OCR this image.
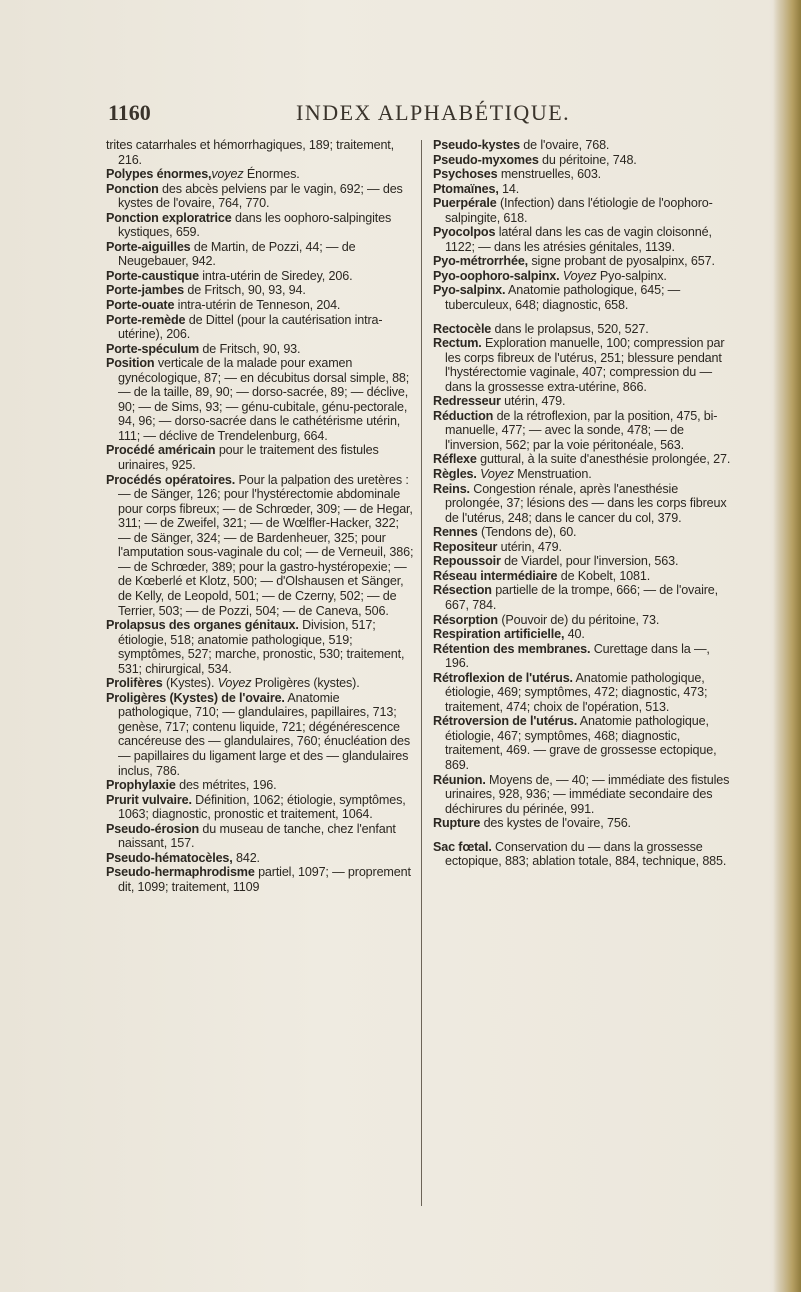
1160	INDEX ALPHABÉTIQUE.

trites catarrhales et hémorrhagiques, 189; traitement, 216.

Polypes énormes,voyez Énormes.

Ponction des abcès pelviens par le vagin, 692; — des kystes de l'ovaire, 764, 770.

Ponction exploratrice dans les oophoro-salpingites kystiques, 659.

Porte-aiguilles de Martin, de Pozzi, 44; — de Neugebauer, 942.

Porte-caustique intra-utérin de Siredey, 206.

Porte-jambes de Fritsch, 90, 93, 94.

Porte-ouate intra-utérin de Tenneson, 204.

Porte-remède de Dittel (pour la cautérisation intra-utérine), 206.

Porte-spéculum de Fritsch, 90, 93.

Position verticale de la malade pour examen gynécologique, 87; — en décubitus dorsal simple, 88; — de la taille, 89, 90; — dorso-sacrée, 89; — déclive, 90; — de Sims, 93; — génu-cubitale, génu-pectorale, 94, 96; — dorso-sacrée dans le cathétérisme utérin, 111; — déclive de Trendelenburg, 664.

Procédé américain pour le traitement des fistules urinaires, 925.

Procédés opératoires. Pour la palpation des uretères : — de Sänger, 126; pour l'hystérectomie abdominale pour corps fibreux; — de Schrœder, 309; — de Hegar, 311; — de Zweifel, 321; — de Wœlfler-Hacker, 322; — de Sänger, 324; — de Bardenheuer, 325; pour l'amputation sous-vaginale du col; — de Verneuil, 386; — de Schrœder, 389; pour la gastro-hystéropexie; — de Kœberlé et Klotz, 500; — d'Olshausen et Sänger, de Kelly, de Leopold, 501; — de Czerny, 502; — de Terrier, 503; — de Pozzi, 504; — de Caneva, 506.

Prolapsus des organes génitaux. Division, 517; étiologie, 518; anatomie pathologique, 519; symptômes, 527; marche, pronostic, 530; traitement, 531; chirurgical, 534.

Prolifères (Kystes). Voyez Proligères (kystes).

Proligères (Kystes) de l'ovaire. Anatomie pathologique, 710; — glandulaires, papillaires, 713; genèse, 717; contenu liquide, 721; dégénérescence cancéreuse des — glandulaires, 760; énucléation des — papillaires du ligament large et des — glandulaires inclus, 786.

Prophylaxie des métrites, 196.

Prurit vulvaire. Définition, 1062; étiologie, symptômes, 1063; diagnostic, pronostic et traitement, 1064.

Pseudo-érosion du museau de tanche, chez l'enfant naissant, 157.

Pseudo-hématocèles, 842.

Pseudo-hermaphrodisme partiel, 1097; — proprement dit, 1099; traitement, 1109

Pseudo-kystes de l'ovaire, 768.

Pseudo-myxomes du péritoine, 748.

Psychoses menstruelles, 603.

Ptomaïnes, 14.

Puerpérale (Infection) dans l'étiologie de l'oophoro-salpingite, 618.

Pyocolpos latéral dans les cas de vagin cloisonné, 1122; — dans les atrésies génitales, 1139.

Pyo-métrorrhée, signe probant de pyosalpinx, 657.

Pyo-oophoro-salpinx. Voyez Pyo-salpinx.

Pyo-salpinx. Anatomie pathologique, 645; — tuberculeux, 648; diagnostic, 658.

Rectocèle dans le prolapsus, 520, 527.

Rectum. Exploration manuelle, 100; compression par les corps fibreux de l'utérus, 251; blessure pendant l'hystérectomie vaginale, 407; compression du — dans la grossesse extra-utérine, 866.

Redresseur utérin, 479.

Réduction de la rétroflexion, par la position, 475, bi-manuelle, 477; — avec la sonde, 478; — de l'inversion, 562; par la voie péritonéale, 563.

Réflexe guttural, à la suite d'anesthésie prolongée, 27.

Règles. Voyez Menstruation.

Reins. Congestion rénale, après l'anesthésie prolongée, 37; lésions des — dans les corps fibreux de l'utérus, 248; dans le cancer du col, 379.

Rennes (Tendons de), 60.

Repositeur utérin, 479.

Repoussoir de Viardel, pour l'inversion, 563.

Réseau intermédiaire de Kobelt, 1081.

Résection partielle de la trompe, 666; — de l'ovaire, 667, 784.

Résorption (Pouvoir de) du péritoine, 73.

Respiration artificielle, 40.

Rétention des membranes. Curettage dans la —, 196.

Rétroflexion de l'utérus. Anatomie pathologique, étiologie, 469; symptômes, 472; diagnostic, 473; traitement, 474; choix de l'opération, 513.

Rétroversion de l'utérus. Anatomie pathologique, étiologie, 467; symptômes, 468; diagnostic, traitement, 469. — grave de grossesse ectopique, 869.

Réunion. Moyens de, — 40; — immédiate des fistules urinaires, 928, 936; — immédiate secondaire des déchirures du périnée, 991.

Rupture des kystes de l'ovaire, 756.

Sac fœtal. Conservation du — dans la grossesse ectopique, 883; ablation totale, 884, technique, 885.
